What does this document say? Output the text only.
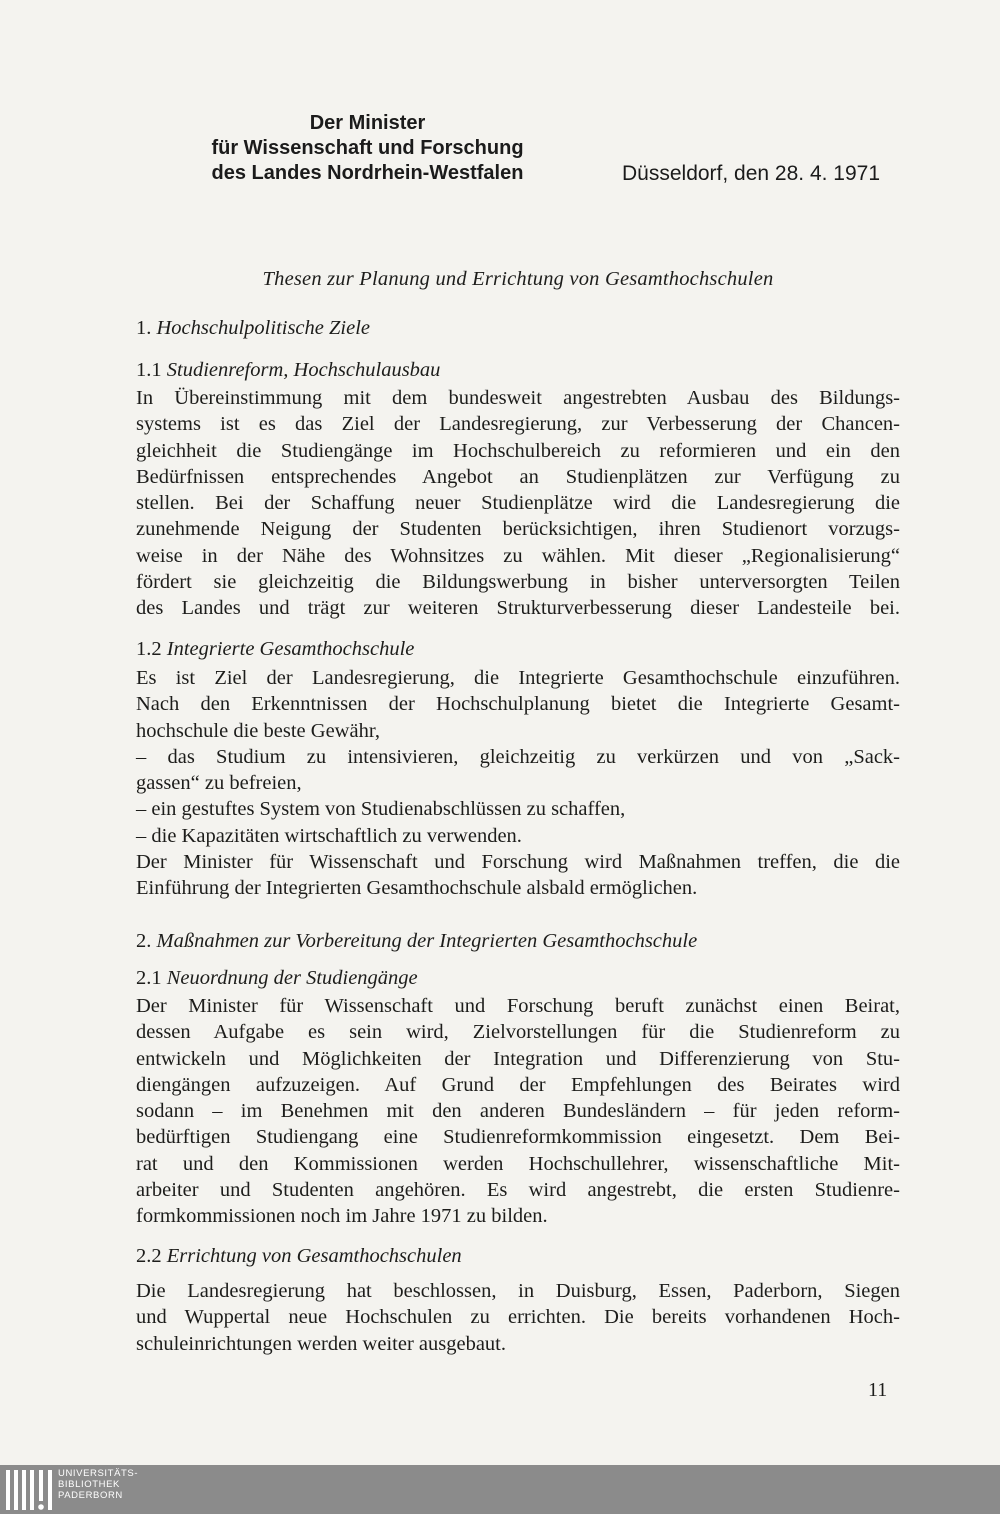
Der Minister
für Wissenschaft und Forschung
des Landes Nordrhein-Westfalen	Düsseldorf, den 28. 4. 1971
Thesen zur Planung und Errichtung von Gesamthochschulen
1. Hochschulpolitische Ziele
1.1 Studienreform, Hochschulausbau
In Übereinstimmung mit dem bundesweit angestrebten Ausbau des Bildungs-
systems ist es das Ziel der Landesregierung, zur Verbesserung der Chancen-
gleichheit die Studiengänge im Hochschulbereich zu reformieren und ein den
Bedürfnissen entsprechendes Angebot an Studienplätzen zur Verfügung zu
stellen. Bei der Schaffung neuer Studienplätze wird die Landesregierung die
zunehmende Neigung der Studenten berücksichtigen, ihren Studienort vorzugs-
weise in der Nähe des Wohnsitzes zu wählen. Mit dieser „Regionalisierung“
fördert sie gleichzeitig die Bildungswerbung in bisher unterversorgten Teilen
des Landes und trägt zur weiteren Strukturverbesserung dieser Landesteile bei.
1.2 Integrierte Gesamthochschule
Es ist Ziel der Landesregierung, die Integrierte Gesamthochschule einzuführen.
Nach den Erkenntnissen der Hochschulplanung bietet die Integrierte Gesamt-
hochschule die beste Gewähr,
– das Studium zu intensivieren, gleichzeitig zu verkürzen und von „Sack-
gassen“ zu befreien,
– ein gestuftes System von Studienabschlüssen zu schaffen,
– die Kapazitäten wirtschaftlich zu verwenden.
Der Minister für Wissenschaft und Forschung wird Maßnahmen treffen, die die
Einführung der Integrierten Gesamthochschule alsbald ermöglichen.
2. Maßnahmen zur Vorbereitung der Integrierten Gesamthochschule
2.1 Neuordnung der Studiengänge
Der Minister für Wissenschaft und Forschung beruft zunächst einen Beirat,
dessen Aufgabe es sein wird, Zielvorstellungen für die Studienreform zu
entwickeln und Möglichkeiten der Integration und Differenzierung von Stu-
diengängen aufzuzeigen. Auf Grund der Empfehlungen des Beirates wird
sodann – im Benehmen mit den anderen Bundesländern – für jeden reform-
bedürftigen Studiengang eine Studienreformkommission eingesetzt. Dem Bei-
rat und den Kommissionen werden Hochschullehrer, wissenschaftliche Mit-
arbeiter und Studenten angehören. Es wird angestrebt, die ersten Studienre-
formkommissionen noch im Jahre 1971 zu bilden.
2.2 Errichtung von Gesamthochschulen
Die Landesregierung hat beschlossen, in Duisburg, Essen, Paderborn, Siegen
und Wuppertal neue Hochschulen zu errichten. Die bereits vorhandenen Hoch-
schuleinrichtungen werden weiter ausgebaut.
11
UNIVERSITÄTS-
BIBLIOTHEK
PADERBORN
